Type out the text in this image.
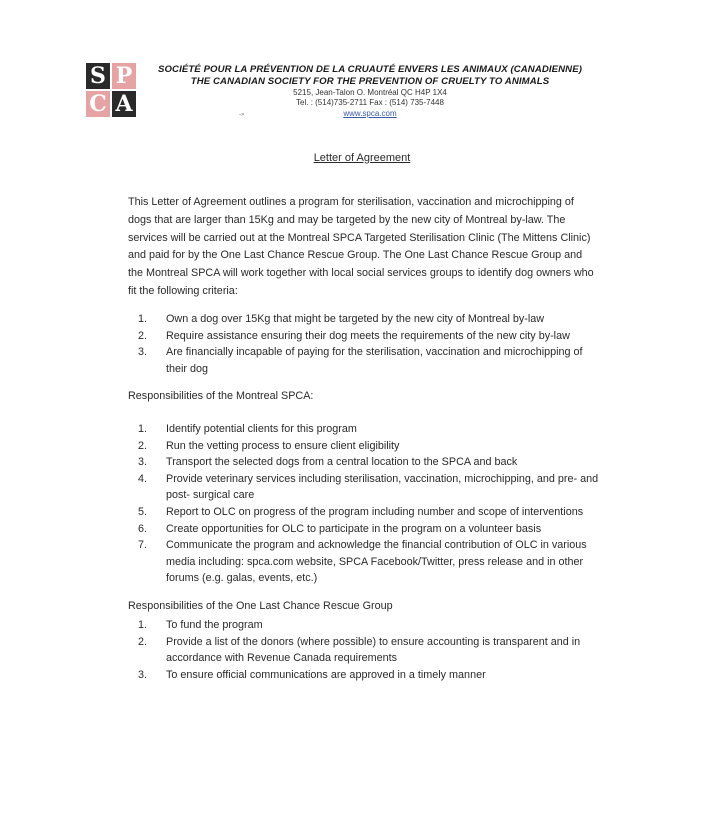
S P
C A
SOCIÉTÉ POUR LA PRÉVENTION DE LA CRUAUTÉ ENVERS LES ANIMAUX (CANADIENNE)
THE CANADIAN SOCIETY FOR THE PREVENTION OF CRUELTY TO ANIMALS
5215, Jean-Talon O. Montréal QC H4P 1X4
Tel. : (514)735-2711 Fax : (514) 735-7448
www.spca.com
-»
Letter of Agreement

This Letter of Agreement outlines a program for sterilisation, vaccination and microchipping of dogs that are larger than 15Kg and may be targeted by the new city of Montreal by-law. The services will be carried out at the Montreal SPCA Targeted Sterilisation Clinic (The Mittens Clinic) and paid for by the One Last Chance Rescue Group. The One Last Chance Rescue Group and the Montreal SPCA will work together with local social services groups to identify dog owners who fit the following criteria:

1.	Own a dog over 15Kg that might be targeted by the new city of Montreal by-law
2.	Require assistance ensuring their dog meets the requirements of the new city by-law
3.	Are financially incapable of paying for the sterilisation, vaccination and microchipping of their dog

Responsibilities of the Montreal SPCA:

1.	Identify potential clients for this program
2.	Run the vetting process to ensure client eligibility
3.	Transport the selected dogs from a central location to the SPCA and back
4.	Provide veterinary services including sterilisation, vaccination, microchipping, and pre- and post- surgical care
5.	Report to OLC on progress of the program including number and scope of interventions
6.	Create opportunities for OLC to participate in the program on a volunteer basis
7.	Communicate the program and acknowledge the financial contribution of OLC in various media including: spca.com website, SPCA Facebook/Twitter, press release and in other forums (e.g. galas, events, etc.)

Responsibilities of the One Last Chance Rescue Group

1.	To fund the program
2.	Provide a list of the donors (where possible) to ensure accounting is transparent and in accordance with Revenue Canada requirements
3.	To ensure official communications are approved in a timely manner
